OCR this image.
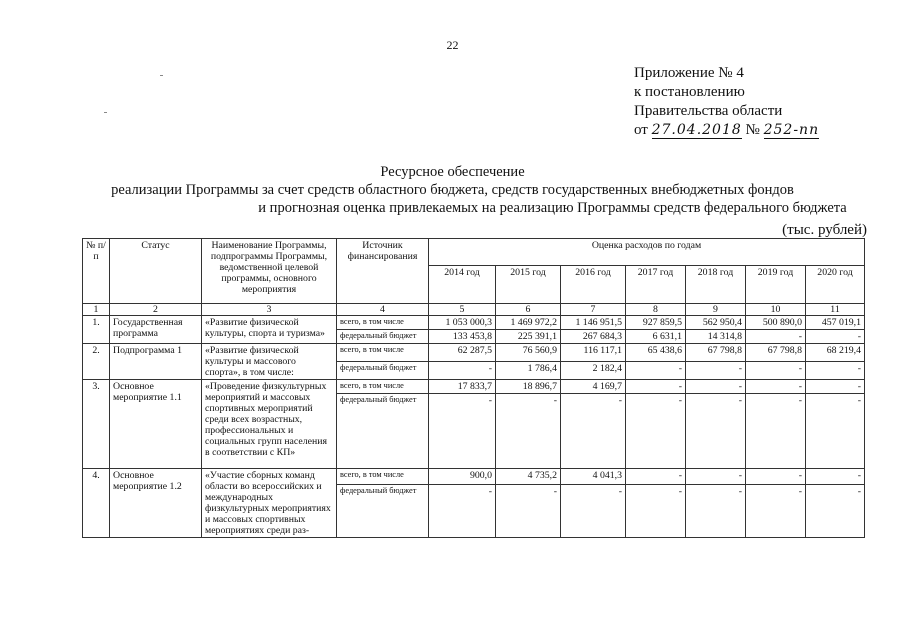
22
Приложение № 4
к постановлению
Правительства области
от 27.04.2018 № 252-пп
Ресурсное обеспечение
реализации Программы за счет средств областного бюджета, средств государственных внебюджетных фондов
и прогнозная оценка привлекаемых на реализацию Программы средств федерального бюджета
(тыс. рублей)
№ п/п	Статус	Наименование Программы, подпрограммы Программы, ведомственной целевой программы, основного мероприятия	Источник финансирования	Оценка расходов по годам						
				2014 год	2015 год	2016 год	2017 год	2018 год	2019 год	2020 год
1	2	3	4	5	6	7	8	9	10	11
1.	Государственная программа	«Развитие физической культуры, спорта и туризма»	всего, в том числе	1 053 000,3	1 469 972,2	1 146 951,5	927 859,5	562 950,4	500 890,0	457 019,1
			федеральный бюджет	133 453,8	225 391,1	267 684,3	6 631,1	14 314,8	-	-
2.	Подпрограмма 1	«Развитие физической культуры и массового спорта», в том числе:	всего, в том числе	62 287,5	76 560,9	116 117,1	65 438,6	67 798,8	67 798,8	68 219,4
			федеральный бюджет	-	1 786,4	2 182,4	-	-	-	-
3.	Основное мероприятие 1.1	«Проведение физкультурных мероприятий и массовых спортивных мероприятий среди всех возрастных, профессиональных и социальных групп населения в соответствии с КП»	всего, в том числе	17 833,7	18 896,7	4 169,7	-	-	-	-
			федеральный бюджет	-	-	-	-	-	-	-
4.	Основное мероприятие 1.2	«Участие сборных команд области во всероссийских и международных физкультурных мероприятиях и массовых спортивных мероприятиях среди раз-	всего, в том числе	900,0	4 735,2	4 041,3	-	-	-	-
			федеральный бюджет	-	-	-	-	-	-	-
